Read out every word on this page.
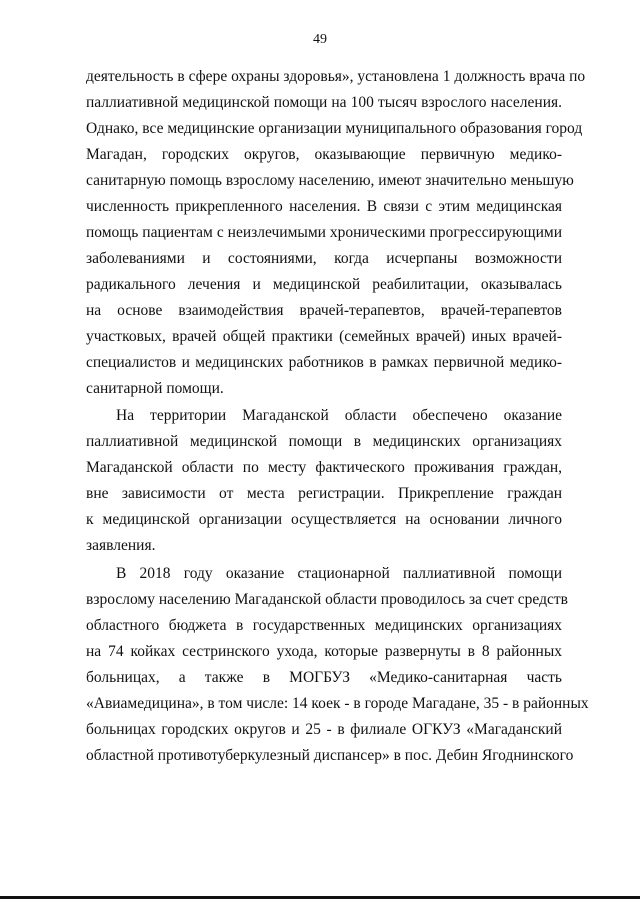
49
деятельность в сфере охраны здоровья», установлена 1 должность врача по
паллиативной медицинской помощи на 100 тысяч взрослого населения.
Однако, все медицинские организации муниципального образования город
Магадан, городских округов, оказывающие первичную медико-
санитарную помощь взрослому населению, имеют значительно меньшую
численность прикрепленного населения. В связи с этим медицинская
помощь пациентам с неизлечимыми хроническими прогрессирующими
заболеваниями и состояниями, когда исчерпаны возможности
радикального лечения и медицинской реабилитации, оказывалась
на основе взаимодействия врачей-терапевтов, врачей-терапевтов
участковых, врачей общей практики (семейных врачей) иных врачей-
специалистов и медицинских работников в рамках первичной медико-
санитарной помощи.
На территории Магаданской области обеспечено оказание
паллиативной медицинской помощи в медицинских организациях
Магаданской области по месту фактического проживания граждан,
вне зависимости от места регистрации. Прикрепление граждан
к медицинской организации осуществляется на основании личного
заявления.
В 2018 году оказание стационарной паллиативной помощи
взрослому населению Магаданской области проводилось за счет средств
областного бюджета в государственных медицинских организациях
на 74 койках сестринского ухода, которые развернуты в 8 районных
больницах, а также в МОГБУЗ «Медико-санитарная часть
«Авиамедицина», в том числе: 14 коек - в городе Магадане, 35 - в районных
больницах городских округов и 25 - в филиале ОГКУЗ «Магаданский
областной противотуберкулезный диспансер» в пос. Дебин Ягоднинского
